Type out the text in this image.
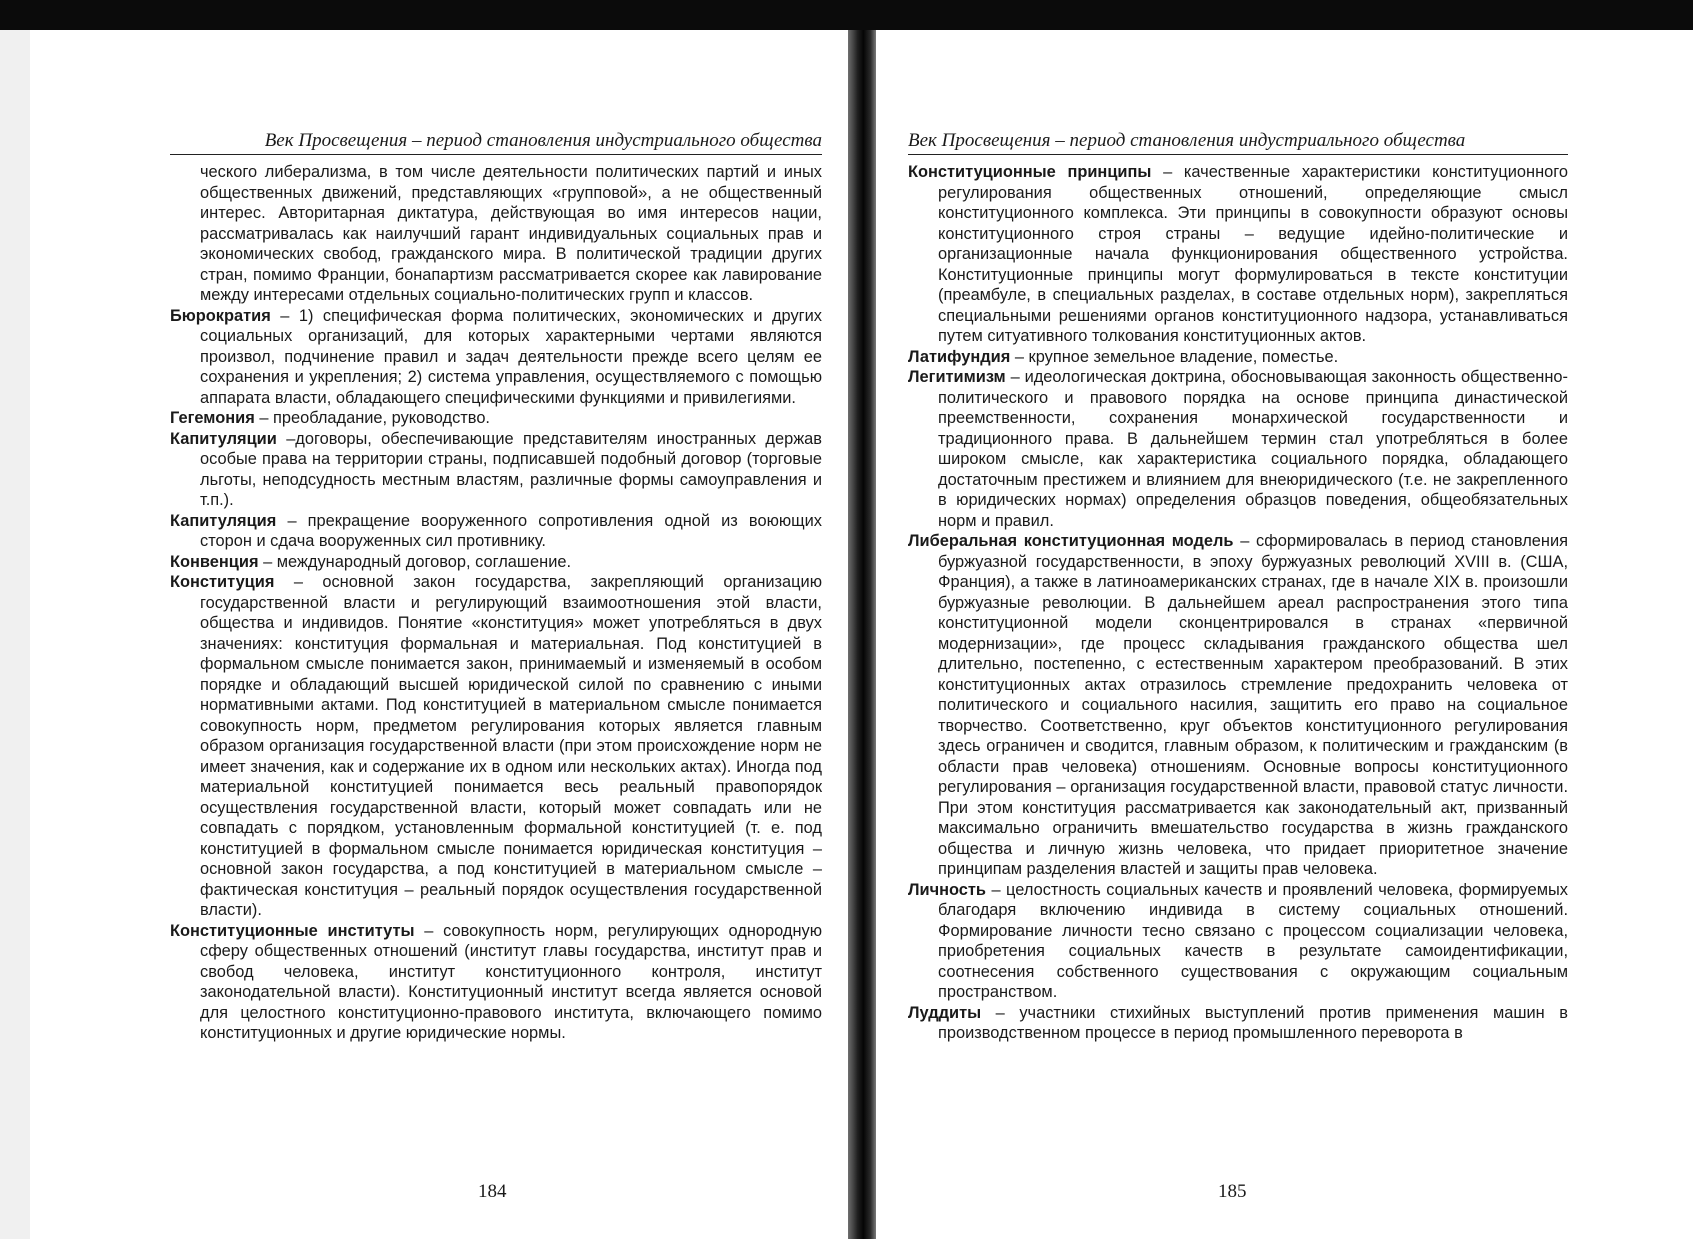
Век Просвещения – период становления индустриального общества

ческого либерализма, в том числе деятельности политических партий и иных общественных движений, представляющих «групповой», а не общественный интерес. Авторитарная диктатура, действующая во имя интересов нации, рассматривалась как наилучший гарант индивидуальных социальных прав и экономических свобод, гражданского мира. В политической традиции других стран, помимо Франции, бонапартизм рассматривается скорее как лавирование между интересами отдельных социально-политических групп и классов.

Бюрократия – 1) специфическая форма политических, экономических и других социальных организаций, для которых характерными чертами являются произвол, подчинение правил и задач деятельности прежде всего целям ее сохранения и укрепления; 2) система управления, осуществляемого с помощью аппарата власти, обладающего специфическими функциями и привилегиями.

Гегемония – преобладание, руководство.

Капитуляции –договоры, обеспечивающие представителям иностранных держав особые права на территории страны, подписавшей подобный договор (торговые льготы, неподсудность местным властям, различные формы самоуправления и т.п.).

Капитуляция – прекращение вооруженного сопротивления одной из воюющих сторон и сдача вооруженных сил противнику.

Конвенция – международный договор, соглашение.

Конституция – основной закон государства, закрепляющий организацию государственной власти и регулирующий взаимоотношения этой власти, общества и индивидов. Понятие «конституция» может употребляться в двух значениях: конституция формальная и материальная. Под конституцией в формальном смысле понимается закон, принимаемый и изменяемый в особом порядке и обладающий высшей юридической силой по сравнению с иными нормативными актами. Под конституцией в материальном смысле понимается совокупность норм, предметом регулирования которых является главным образом организация государственной власти (при этом происхождение норм не имеет значения, как и содержание их в одном или нескольких актах). Иногда под материальной конституцией понимается весь реальный правопорядок осуществления государственной власти, который может совпадать или не совпадать с порядком, установленным формальной конституцией (т. е. под конституцией в формальном смысле понимается юридическая конституция – основной закон государства, а под конституцией в материальном смысле – фактическая конституция – реальный порядок осуществления государственной власти).

Конституционные институты – совокупность норм, регулирующих однородную сферу общественных отношений (институт главы государства, институт прав и свобод человека, институт конституционного контроля, институт законодательной власти). Конституционный институт всегда является основой для целостного конституционно-правового института, включающего помимо конституционных и другие юридические нормы.

Век Просвещения – период становления индустриального общества

Конституционные принципы – качественные характеристики конституционного регулирования общественных отношений, определяющие смысл конституционного комплекса. Эти принципы в совокупности образуют основы конституционного строя страны – ведущие идейно-политические и организационные начала функционирования общественного устройства. Конституционные принципы могут формулироваться в тексте конституции (преамбуле, в специальных разделах, в составе отдельных норм), закрепляться специальными решениями органов конституционного надзора, устанавливаться путем ситуативного толкования конституционных актов.

Латифундия – крупное земельное владение, поместье.

Легитимизм – идеологическая доктрина, обосновывающая законность общественно-политического и правового порядка на основе принципа династической преемственности, сохранения монархической государственности и традиционного права. В дальнейшем термин стал употребляться в более широком смысле, как характеристика социального порядка, обладающего достаточным престижем и влиянием для внеюридического (т.е. не закрепленного в юридических нормах) определения образцов поведения, общеобязательных норм и правил.

Либеральная конституционная модель – сформировалась в период становления буржуазной государственности, в эпоху буржуазных революций XVIII в. (США, Франция), а также в латиноамериканских странах, где в начале XIX в. произошли буржуазные революции. В дальнейшем ареал распространения этого типа конституционной модели сконцентрировался в странах «первичной модернизации», где процесс складывания гражданского общества шел длительно, постепенно, с естественным характером преобразований. В этих конституционных актах отразилось стремление предохранить человека от политического и социального насилия, защитить его право на социальное творчество. Соответственно, круг объектов конституционного регулирования здесь ограничен и сводится, главным образом, к политическим и гражданским (в области прав человека) отношениям. Основные вопросы конституционного регулирования – организация государственной власти, правовой статус личности. При этом конституция рассматривается как законодательный акт, призванный максимально ограничить вмешательство государства в жизнь гражданского общества и личную жизнь человека, что придает приоритетное значение принципам разделения властей и защиты прав человека.

Личность – целостность социальных качеств и проявлений человека, формируемых благодаря включению индивида в систему социальных отношений. Формирование личности тесно связано с процессом социализации человека, приобретения социальных качеств в результате самоидентификации, соотнесения собственного существования с окружающим социальным пространством.

Луддиты – участники стихийных выступлений против применения машин в производственном процессе в период промышленного переворота в

184	185
